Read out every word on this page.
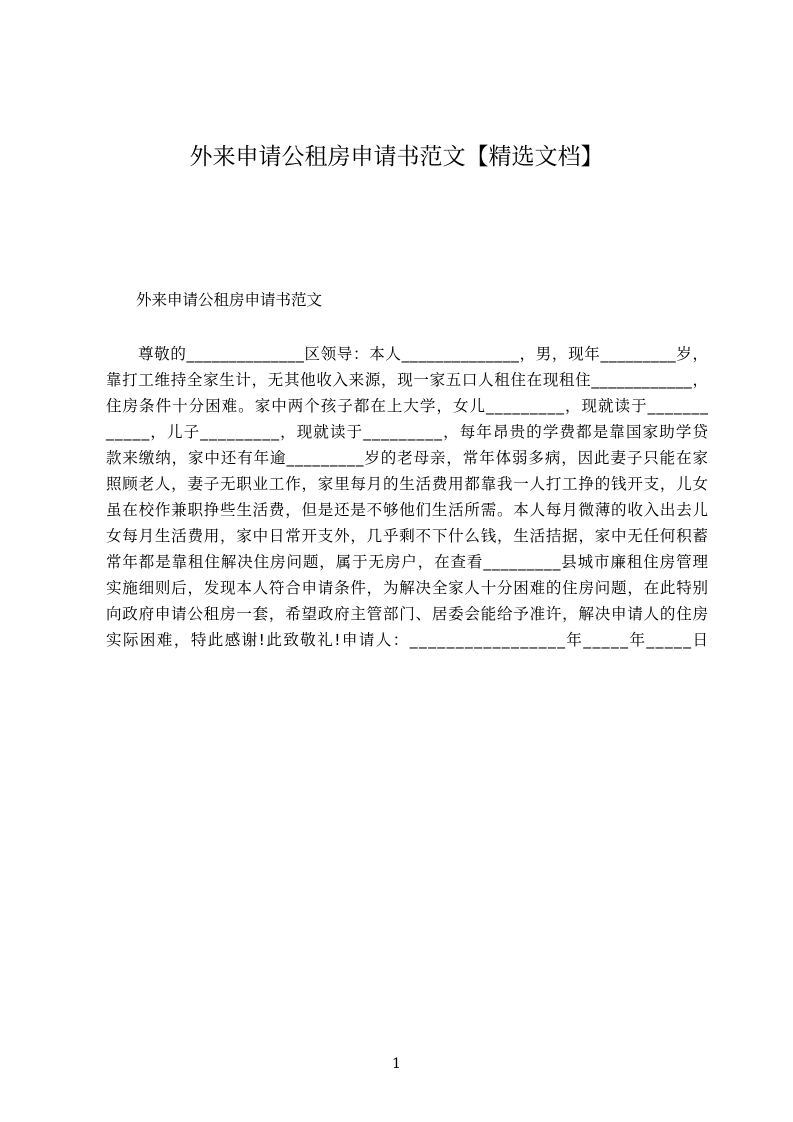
外来申请公租房申请书范文【精选文档】
外来申请公租房申请书范文
尊敬的______________区领导：本人______________，男，现年_________岁，
靠打工维持全家生计，无其他收入来源，现一家五口人租住在现租住____________，
住房条件十分困难。家中两个孩子都在上大学，女儿_________，现就读于_______
_____，儿子_________，现就读于_________，每年昂贵的学费都是靠国家助学贷
款来缴纳，家中还有年逾_________岁的老母亲，常年体弱多病，因此妻子只能在家
照顾老人，妻子无职业工作，家里每月的生活费用都靠我一人打工挣的钱开支，儿女
虽在校作兼职挣些生活费，但是还是不够他们生活所需。本人每月微薄的收入出去儿
女每月生活费用，家中日常开支外，几乎剩不下什么钱，生活拮据，家中无任何积蓄
常年都是靠租住解决住房问题，属于无房户，在查看_________县城市廉租住房管理
实施细则后，发现本人符合申请条件，为解决全家人十分困难的住房问题，在此特别
向政府申请公租房一套，希望政府主管部门、居委会能给予准许，解决申请人的住房
实际困难，特此感谢!此致敬礼!申请人：_________________年_____年_____日
1
